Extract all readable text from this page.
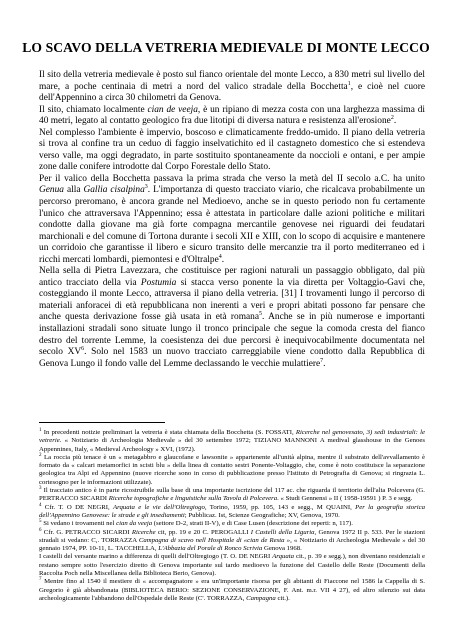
LO SCAVO DELLA VETRERIA MEDIEVALE DI MONTE LECCO

Il sito della vetreria medievale è posto sul fianco orientale del monte Lecco, a 830 metri sul livello del mare, a poche centinaia di metri a nord del valico stradale della Bocchetta$^1$, e cioè nel cuore dell'Appennino a circa 30 chilometri da Genova.

Il sito, chiamato localmente cian de veeja, è un ripiano di mezza costa con una larghezza massima di 40 metri, legato al contatto geologico fra due litotipi di diversa natura e resistenza all'erosione$^2$.

Nel complesso l'ambiente è impervio, boscoso e climaticamente freddo-umido. Il piano della vetreria si trova al confine tra un ceduo di faggio inselvatichito ed il castagneto domestico che si estendeva verso valle, ma oggi degradato, in parte sostituito spontaneamente da noccioli e ontani, e per ampie zone dalle conifere introdotte dal Corpo Forestale dello Stato.

Per il valico della Bocchetta passava la prima strada che verso la metà del II secolo a.C. ha unito Genua alla Gallia cisalpina$^3$. L'importanza di questo tracciato viario, che ricalcava probabilmente un percorso preromano, è ancora grande nel Medioevo, anche se in questo periodo non fu certamente l'unico che attraversava l'Appennino; essa è attestata in particolare dalle azioni politiche e militari condotte dalla giovane ma già forte compagna mercantile genovese nei riguardi dei feudatari marchionali e del comune di Tortona durante i secoli XII e XIII, con lo scopo di acquisire e mantenere un corridoio che garantisse il libero e sicuro transito delle mercanzie tra il porto mediterraneo ed i ricchi mercati lombardi, piemontesi e d'Oltralpe$^4$.

Nella sella di Pietra Lavezzara, che costituisce per ragioni naturali un passaggio obbligato, dal più antico tracciato della via Postumia si stacca verso ponente la via diretta per Voltaggio-Gavi che, costeggiando il monte Lecco, attraversa il piano della vetreria. [31] I trovamenti lungo il percorso di materiali anforacei di età repubblicana non inerenti a veri e propri abitati possono far pensare che anche questa derivazione fosse già usata in età romana$^5$. Anche se in più numerose e importanti installazioni stradali sono situate lungo il tronco principale che segue la comoda cresta del fianco destro del torrente Lemme, la coesistenza dei due percorsi è inequivocabilmente documentata nel secolo $XV^6$. Solo nel 1583 un nuovo tracciato carreggiabile viene condotto dalla Repubblica di Genova Lungo il fondo valle del Lemme declassando le vecchie mulattiere$^7$.

$^1$ In precedenti notizie preliminari la vetreria è stata chiamata della Bocchetta (S. FOSSATI, Ricerche nel genovesato, 3) sedi industriali: le vetrerie. « Notiziario di Archeologia Medievale » del 30 settembre 1972; TIZIANO MANNONI A medival glasshouse in the Genoes Appennines, Italy, « Medieval Archeology » XVI, (1972).

$^2$ La roccia più tenace è un « metagabbro e glaucofane e lawsonite » appartenente all'unità alpina, mentre il substrato dell'avvallamento è formato da « calcari metamorfici in scisti blu » della linea di contatto sestri Ponente-Voltaggio, che, come è noto costituisce la separazione geologica tra Alpi ed Appennino (nuove ricerche sono in corso di pubblicazione presso l'Istituto di Petrografia di Genova; si ringrazia L. cortesogno per le informazioni utilizzate).

$^3$ Il tracciato antico è in parte ricostruibile sulla base di una importante iscrizione del 117 ac. che riguarda il territorio dell'alta Polcevera (G. PERTRACCO SICARDI Ricerche topografiche e linguistiche sulla Tavola di Polcevera. « Studi Gennensi » II ( 1958-19591 ) P. 3 e segg.

$^4$ Cfr. T. O DE NEGRI, Arquata e le vie dell'Oltregiogo, Torino, 1959, pp. 105, 143 e segg., M QUAINI, Per la geografia storica dell'Appennino Genovese: le strade e gli insediamenti; Pubblicaz. Ist, Scienze Geografiche; XV, Genova, 1970.

$^5$ Si vedano i trovamenti nel cian da veeja (settore D-2, strati II-V), e di Case Lusen (descrizione dei reperti: n, 117).

$^6$ Cfr. G. PETRACCO SICARDI Ricerche cit, pp. 19 e 20 C. PEROGALLI I Castelli della Liguria, Genova 1972 II p. 533. Per le stazioni stradali si vedano: C,. TORRAZZA Campagna di scavo nell Hospitale di «cian de Resta », « Notiziario di Archeologia Medievale » del 30 gennaio 1974, PP. 10-11, L. TACCHELLA, L'Abbazia del Porale di Ronco Scrivia Genova 1968.

I castelli del versante marino a differenza di quelli dell'Oltregiogo (T. O. DE NEGRI Arquata cit., p. 39 e segg.), non diventano residenziali e restano sempre sotto l'esercizio diretto di Genova importante sul tardo medioevo la funzione del Castello delle Reste (Documenti della Raccolta Poch nella Miscellanea della Biblioteca Berio, Genova).

$^7$ Mentre fino al 1540 il mestiere di « accompagnatore » era un'importante risorsa per gli abitanti di Fiaccone nel 1586 la Cappella di S. Gregorio è già abbandonata (BIBLIOTECA BERIO: SEZIONE CONSERVAZIONE, F. Ant. m.r. VII 4 27), ed altro silenzio sui data archeologicamente l'abbandono dell'Ospedale delle Reste (C'. TORRAZZA, Campagna cit.).
